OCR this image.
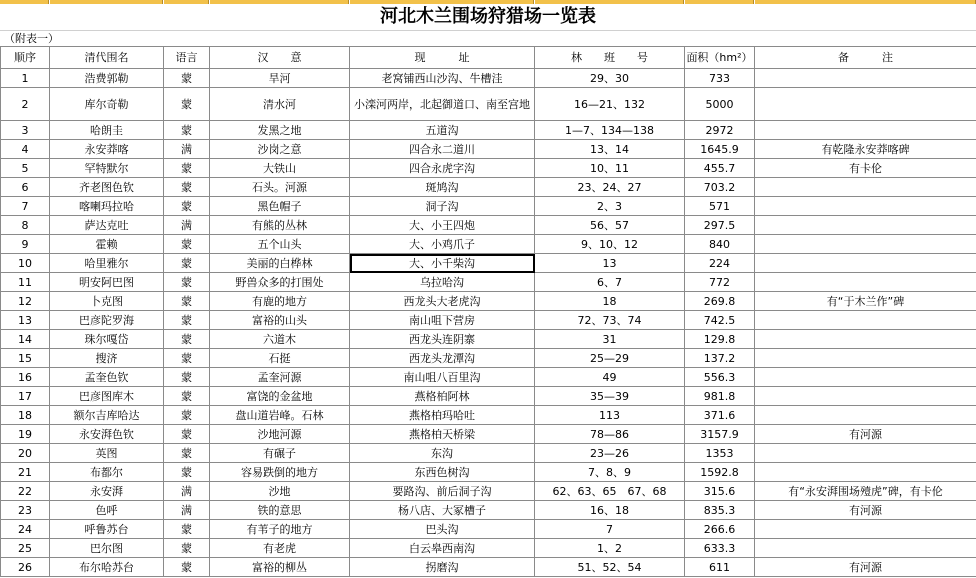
河北木兰围场狩猎场一览表
（附表一）
顺序	清代围名	语言	汉　　意	现　　　址	林　　班　　号	面积（hm²）	备　　　注
1	浩费郭勒	蒙	旱河	老窝铺西山沙沟、牛槽洼	29、30	733	
2	库尔奇勒	蒙	清水河	小滦河两岸，北起御道口、南至宫地	16—21、132	5000	
3	哈朗圭	蒙	发黑之地	五道沟	1—7、134—138	2972	
4	永安莽喀	满	沙岗之意	四合永二道川	13、14	1645.9	有乾隆永安莽喀碑
5	罕特默尔	蒙	大铁山	四合永虎字沟	10、11	455.7	有卡伦
6	齐老图色钦	蒙	石头。河源	斑鸠沟	23、24、27	703.2	
7	喀喇玛拉哈	蒙	黑色帽子	洞子沟	2、3	571	
8	萨达克吐	满	有熊的丛林	大、小王四炮	56、57	297.5	
9	霍赖	蒙	五个山头	大、小鸡爪子	9、10、12	840	
10	哈里雅尔	蒙	美丽的白桦林	大、小千柴沟	13	224	
11	明安阿巴图	蒙	野兽众多的打围处	乌拉哈沟	6、7	772	
12	卜克图	蒙	有鹿的地方	西龙头大老虎沟	18	269.8	有“于木兰作”碑
13	巴彦陀罗海	蒙	富裕的山头	南山咀下营房	72、73、74	742.5	
14	珠尔嘎岱	蒙	六道木	西龙头连阴寨	31	129.8	
15	搜济	蒙	石挺	西龙头龙潭沟	25—29	137.2	
16	孟奎色钦	蒙	孟奎河源	南山咀八百里沟	49	556.3	
17	巴彦图库木	蒙	富饶的金盆地	燕格柏阿林	35—39	981.8	
18	额尔吉库哈达	蒙	盘山道岩峰。石林	燕格柏玛哈吐	113	371.6	
19	永安湃色钦	蒙	沙地河源	燕格柏天桥梁	78—86	3157.9	有河源
20	英图	蒙	有碾子	东沟	23—26	1353	
21	布都尔	蒙	容易跌倒的地方	东西色树沟	7、8、9	1592.8	
22	永安湃	满	沙地	要路沟、前后洞子沟	62、63、65　67、68	315.6	有“永安湃围场殪虎”碑，有卡伦
23	色呼	满	铁的意思	杨八店、大冢槽子	16、18	835.3	有河源
24	呼鲁苏台	蒙	有苇子的地方	巴头沟	7	266.6	
25	巴尔图	蒙	有老虎	白云皋西南沟	1、2	633.3	
26	布尔哈苏台	蒙	富裕的柳丛	拐磨沟	51、52、54	611	有河源
